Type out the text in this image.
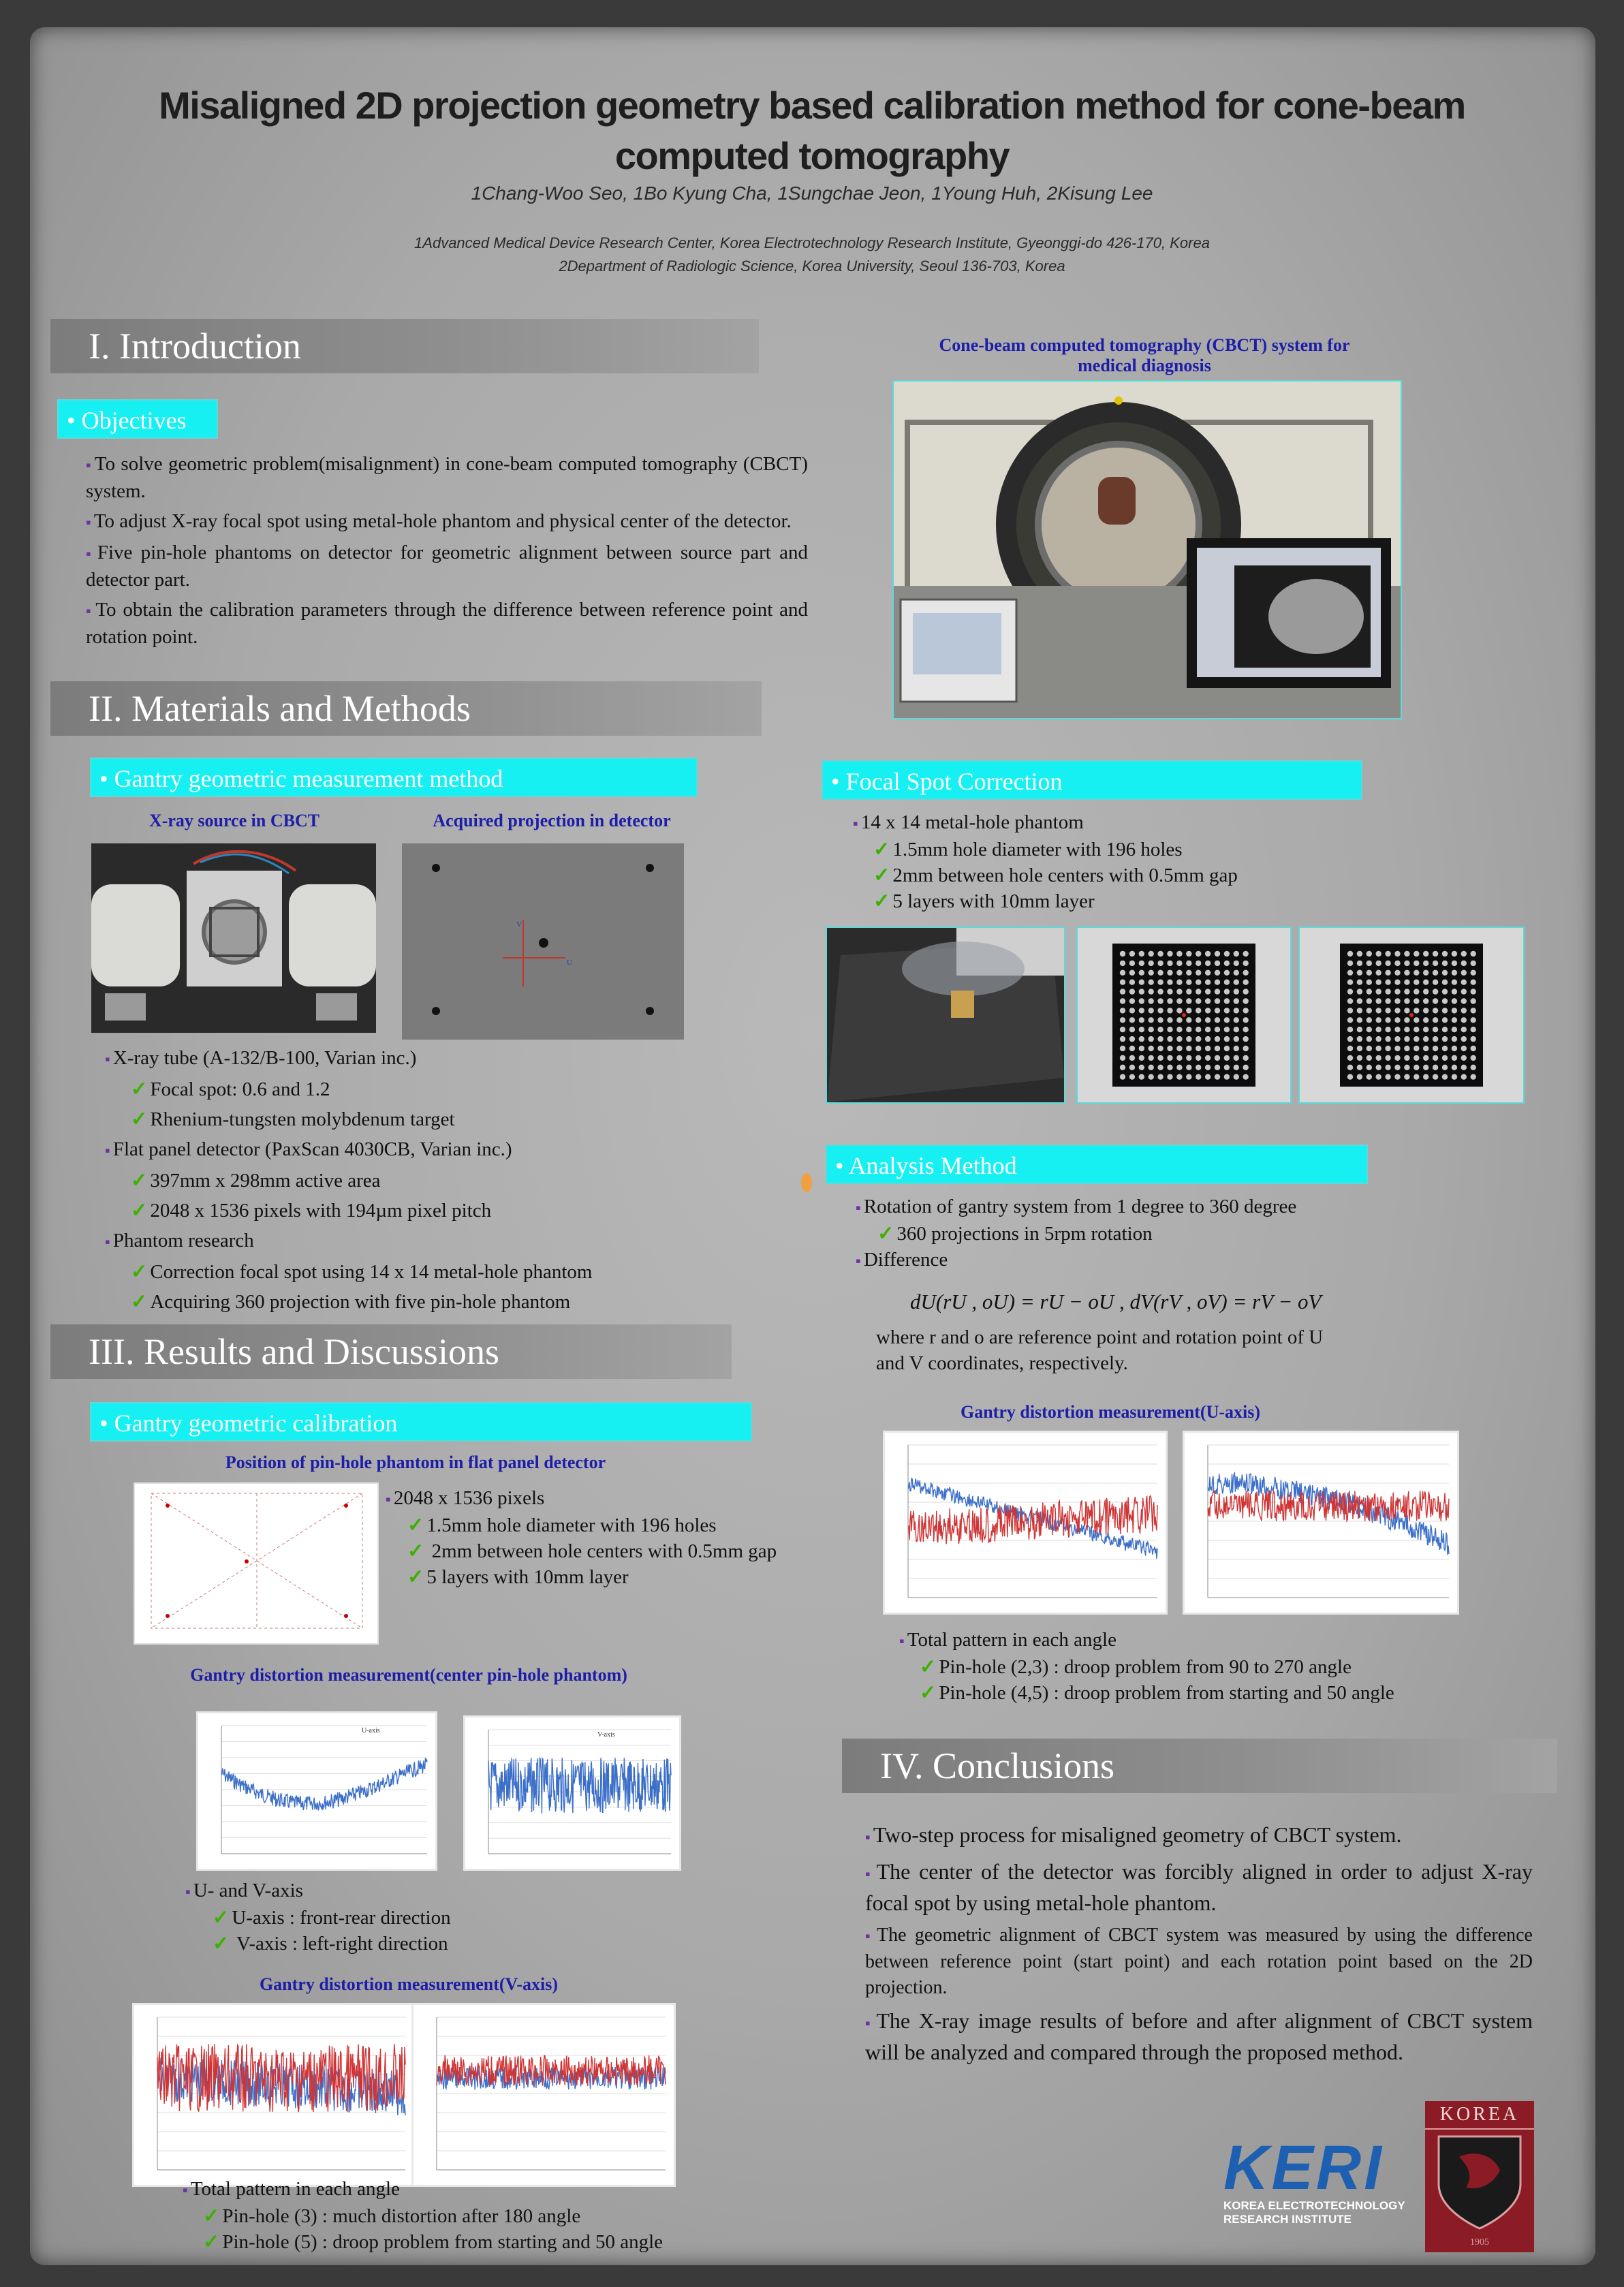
Misaligned 2D projection geometry based calibration method for cone-beam
computed tomography
1Chang-Woo Seo, 1Bo Kyung Cha, 1Sungchae Jeon, 1Young Huh, 2Kisung Lee
1Advanced Medical Device Research Center, Korea Electrotechnology Research Institute, Gyeonggi-do 426-170, Korea
2Department of Radiologic Science, Korea University, Seoul 136-703, Korea
I. Introduction
• Objectives

▪ To solve geometric problem(misalignment) in cone-beam computed tomography (CBCT) system.

▪ To adjust X-ray focal spot using metal-hole phantom and physical center of the detector.

▪ Five pin-hole phantoms on detector for geometric alignment between source part and detector part.

▪ To obtain the calibration parameters through the difference between reference point and rotation point.

Cone-beam computed tomography (CBCT) system for
medical diagnosis
II. Materials and Methods
• Gantry geometric measurement method
X-ray source in CBCT	Acquired projection in detector
V
U

▪ X-ray tube (A-132/B-100, Varian inc.)

✓ Focal spot: 0.6 and 1.2

✓ Rhenium-tungsten molybdenum target

▪ Flat panel detector (PaxScan 4030CB, Varian inc.)

✓ 397mm x 298mm active area

✓ 2048 x 1536 pixels with 194µm pixel pitch

▪ Phantom research

✓ Correction focal spot using 14 x 14 metal-hole phantom

✓ Acquiring 360 projection with five pin-hole phantom

• Focal Spot Correction

▪ 14 x 14 metal-hole phantom

✓ 1.5mm hole diameter with 196 holes

✓ 2mm between hole centers with 0.5mm gap

✓ 5 layers with 10mm layer

• Analysis Method

▪ Rotation of gantry system from 1 degree to 360 degree

✓ 360 projections in 5rpm rotation

▪ Difference

dU(rU , oU) = rU − oU , dV(rV , oV) = rV − oV

where r and o are reference point and rotation point of U

and V coordinates, respectively.

III. Results and Discussions
• Gantry geometric calibration
Position of pin-hole phantom in flat panel detector

▪ 2048 x 1536 pixels

✓ 1.5mm hole diameter with 196 holes

✓ 2mm between hole centers with 0.5mm gap

✓ 5 layers with 10mm layer

Gantry distortion measurement(center pin-hole phantom)
U-axis
V-axis

▪ U- and V-axis

✓ U-axis : front-rear direction

✓ V-axis : left-right direction

Gantry distortion measurement(V-axis)

▪ Total pattern in each angle

✓ Pin-hole (3) : much distortion after 180 angle

✓ Pin-hole (5) : droop problem from starting and 50 angle

Gantry distortion measurement(U-axis)

▪ Total pattern in each angle

✓ Pin-hole (2,3) : droop problem from 90 to 270 angle

✓ Pin-hole (4,5) : droop problem from starting and 50 angle

IV. Conclusions

▪ Two-step process for misaligned geometry of CBCT system.

▪ The center of the detector was forcibly aligned in order to adjust X-ray focal spot by using metal-hole phantom.

▪ The geometric alignment of CBCT system was measured by using the difference between reference point (start point) and each rotation point based on the 2D projection.

▪ The X-ray image results of before and after alignment of CBCT system will be analyzed and compared through the proposed method.

KERI
KOREA ELECTROTECHNOLOGY
RESEARCH INSTITUTE
KOREA
1905
